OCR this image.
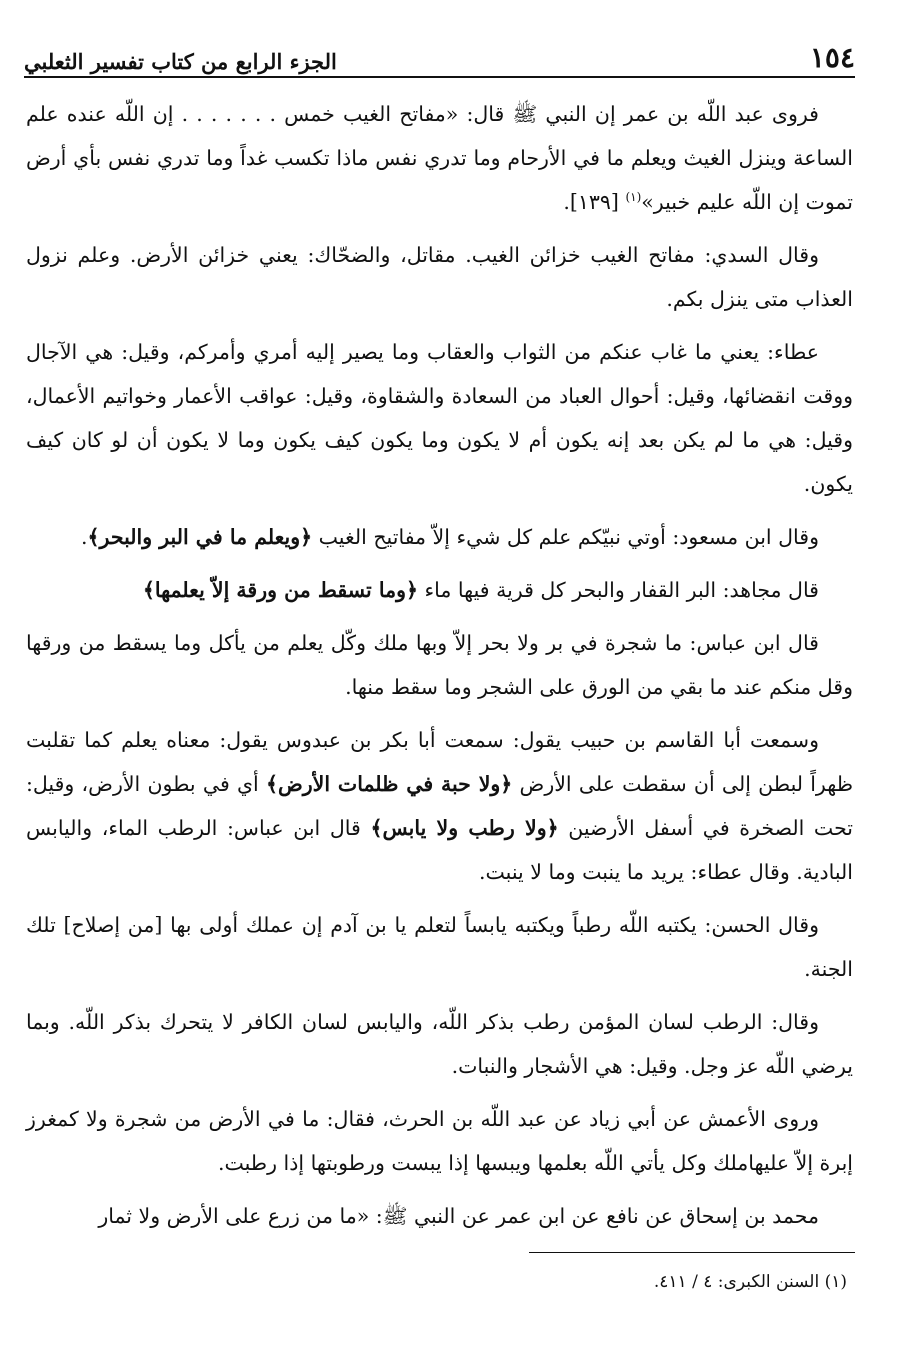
١٥٤
الجزء الرابع من كتاب تفسير الثعلبي

فروى عبد اللّه بن عمر إن النبي ﷺ قال: «مفاتح الغيب خمس . . . . . . . إن اللّه عنده علم الساعة وينزل الغيث ويعلم ما في الأرحام وما تدري نفس ماذا تكسب غداً وما تدري نفس بأي أرض تموت إن اللّه عليم خبير»$^{(١)}$ [١٣٩].

وقال السدي: مفاتح الغيب خزائن الغيب. مقاتل، والضحّاك: يعني خزائن الأرض. وعلم نزول العذاب متى ينزل بكم.

عطاء: يعني ما غاب عنكم من الثواب والعقاب وما يصير إليه أمري وأمركم، وقيل: هي الآجال ووقت انقضائها، وقيل: أحوال العباد من السعادة والشقاوة، وقيل: عواقب الأعمار وخواتيم الأعمال، وقيل: هي ما لم يكن بعد إنه يكون أم لا يكون وما يكون كيف يكون وما لا يكون أن لو كان كيف يكون.

وقال ابن مسعود: أوتي نبيّكم علم كل شيء إلاّ مفاتيح الغيب ﴿ويعلم ما في البر والبحر﴾.

قال مجاهد: البر القفار والبحر كل قرية فيها ماء ﴿وما تسقط من ورقة إلاّ يعلمها﴾

قال ابن عباس: ما شجرة في بر ولا بحر إلاّ وبها ملك وكّل يعلم من يأكل وما يسقط من ورقها وقل منكم عند ما بقي من الورق على الشجر وما سقط منها.

وسمعت أبا القاسم بن حبيب يقول: سمعت أبا بكر بن عبدوس يقول: معناه يعلم كما تقلبت ظهراً لبطن إلى أن سقطت على الأرض ﴿ولا حبة في ظلمات الأرض﴾ أي في بطون الأرض، وقيل: تحت الصخرة في أسفل الأرضين ﴿ولا رطب ولا يابس﴾ قال ابن عباس: الرطب الماء، واليابس البادية. وقال عطاء: يريد ما ينبت وما لا ينبت.

وقال الحسن: يكتبه اللّه رطباً ويكتبه يابساً لتعلم يا بن آدم إن عملك أولى بها [من إصلاح] تلك الجنة.

وقال: الرطب لسان المؤمن رطب بذكر اللّه، واليابس لسان الكافر لا يتحرك بذكر اللّه. وبما يرضي اللّه عز وجل. وقيل: هي الأشجار والنبات.

وروى الأعمش عن أبي زياد عن عبد اللّه بن الحرث، فقال: ما في الأرض من شجرة ولا كمغرز إبرة إلاّ عليهاملك وكل يأتي اللّه بعلمها ويبسها إذا يبست ورطوبتها إذا رطبت.

محمد بن إسحاق عن نافع عن ابن عمر عن النبي ﷺ: «ما من زرع على الأرض ولا ثمار

(١) السنن الكبرى: ٤ / ٤١١.
